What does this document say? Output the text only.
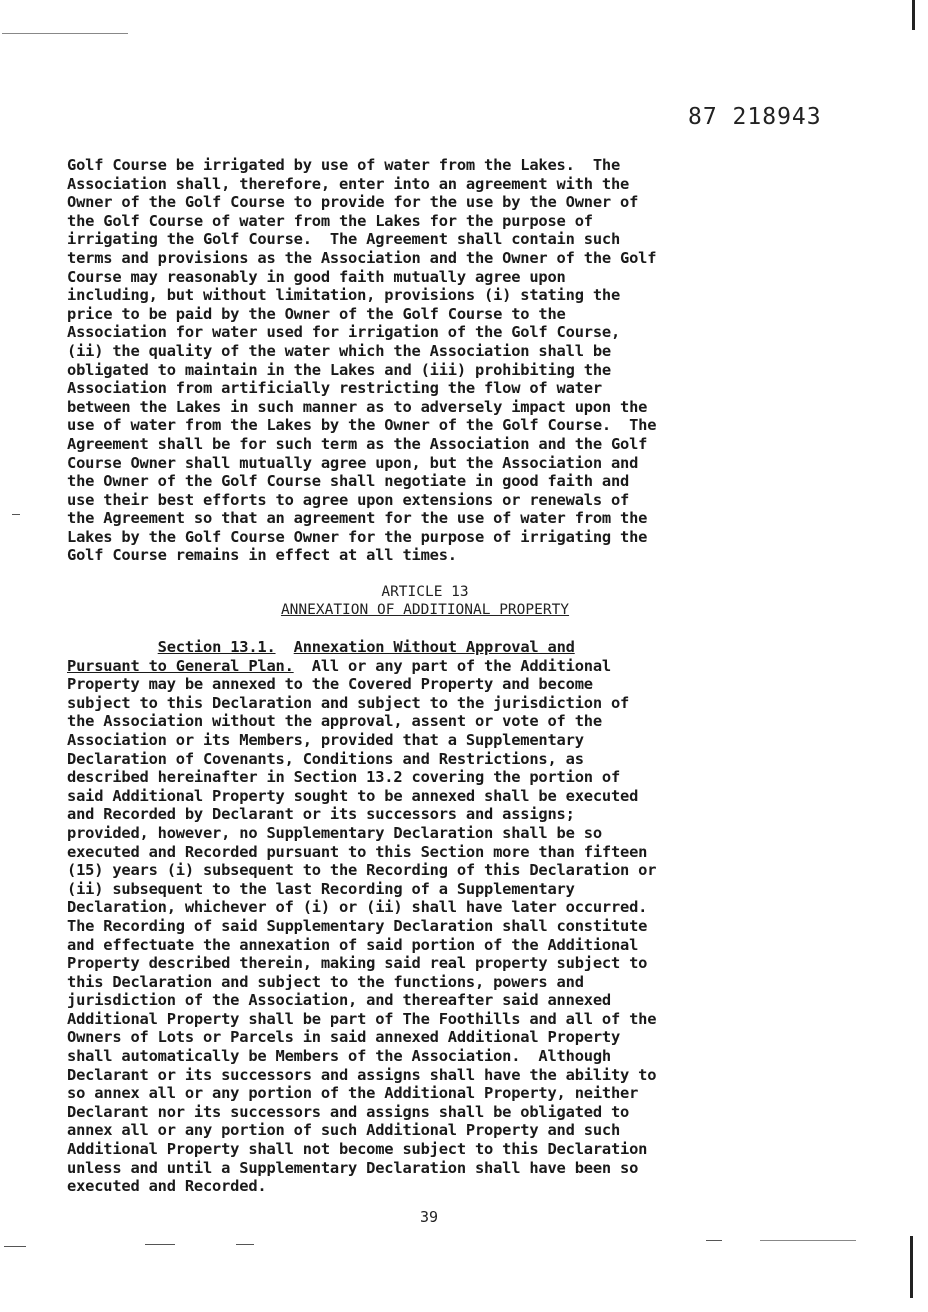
87 218943
Golf Course be irrigated by use of water from the Lakes.  The
Association shall, therefore, enter into an agreement with the
Owner of the Golf Course to provide for the use by the Owner of
the Golf Course of water from the Lakes for the purpose of
irrigating the Golf Course.  The Agreement shall contain such
terms and provisions as the Association and the Owner of the Golf
Course may reasonably in good faith mutually agree upon
including, but without limitation, provisions (i) stating the
price to be paid by the Owner of the Golf Course to the
Association for water used for irrigation of the Golf Course,
(ii) the quality of the water which the Association shall be
obligated to maintain in the Lakes and (iii) prohibiting the
Association from artificially restricting the flow of water
between the Lakes in such manner as to adversely impact upon the
use of water from the Lakes by the Owner of the Golf Course.  The
Agreement shall be for such term as the Association and the Golf
Course Owner shall mutually agree upon, but the Association and
the Owner of the Golf Course shall negotiate in good faith and
use their best efforts to agree upon extensions or renewals of
the Agreement so that an agreement for the use of water from the
Lakes by the Golf Course Owner for the purpose of irrigating the
Golf Course remains in effect at all times.
ARTICLE 13
ANNEXATION OF ADDITIONAL PROPERTY
Section 13.1. Annexation Without Approval and
Pursuant to General Plan.  All or any part of the Additional
Property may be annexed to the Covered Property and become
subject to this Declaration and subject to the jurisdiction of
the Association without the approval, assent or vote of the
Association or its Members, provided that a Supplementary
Declaration of Covenants, Conditions and Restrictions, as
described hereinafter in Section 13.2 covering the portion of
said Additional Property sought to be annexed shall be executed
and Recorded by Declarant or its successors and assigns;
provided, however, no Supplementary Declaration shall be so
executed and Recorded pursuant to this Section more than fifteen
(15) years (i) subsequent to the Recording of this Declaration or
(ii) subsequent to the last Recording of a Supplementary
Declaration, whichever of (i) or (ii) shall have later occurred.
The Recording of said Supplementary Declaration shall constitute
and effectuate the annexation of said portion of the Additional
Property described therein, making said real property subject to
this Declaration and subject to the functions, powers and
jurisdiction of the Association, and thereafter said annexed
Additional Property shall be part of The Foothills and all of the
Owners of Lots or Parcels in said annexed Additional Property
shall automatically be Members of the Association.  Although
Declarant or its successors and assigns shall have the ability to
so annex all or any portion of the Additional Property, neither
Declarant nor its successors and assigns shall be obligated to
annex all or any portion of such Additional Property and such
Additional Property shall not become subject to this Declaration
unless and until a Supplementary Declaration shall have been so
executed and Recorded.
39
